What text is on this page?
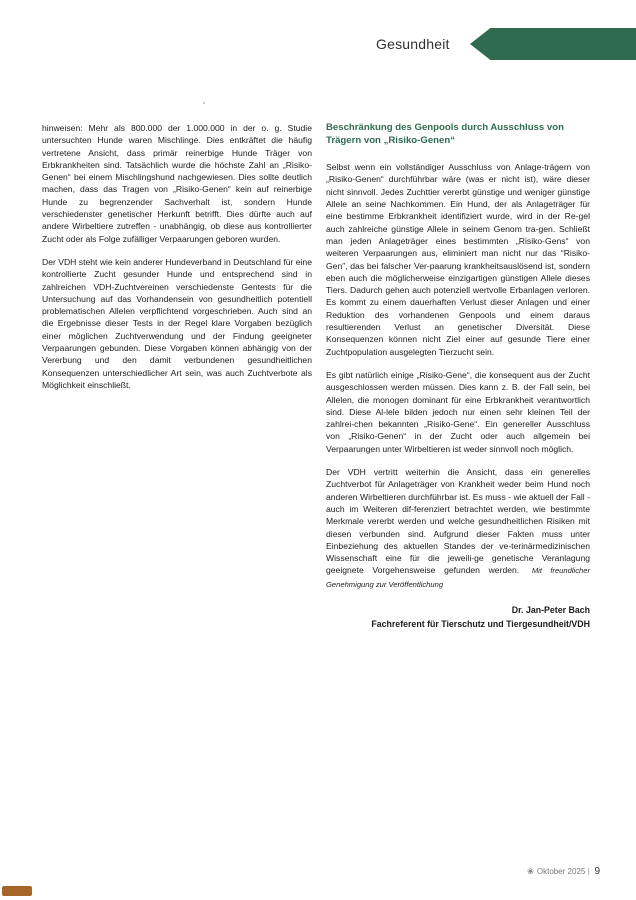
Gesundheit

hinweisen: Mehr als 800.000 der 1.000.000 in der o. g. Studie untersuchten Hunde waren Mischlinge. Dies entkräftet die häufig vertretene Ansicht, dass primär reinerbige Hunde Träger von Erbkrankheiten sind. Tatsächlich wurde die höchste Zahl an „Risiko-Genen“ bei einem Mischlingshund nachgewiesen. Dies sollte deutlich machen, dass das Tragen von „Risiko-Genen“ kein auf reinerbige Hunde zu begrenzender Sachverhalt ist, sondern Hunde verschiedenster genetischer Herkunft betrifft. Dies dürfte auch auf andere Wirbeltiere zutreffen - unabhängig, ob diese aus kontrollierter Zucht oder als Folge zufälliger Verpaarungen geboren wurden.

Der VDH steht wie kein anderer Hundeverband in Deutschland für eine kontrollierte Zucht gesunder Hunde und entsprechend sind in zahlreichen VDH-Zuchtvereinen verschiedenste Gentests für die Untersuchung auf das Vorhandensein von gesundheitlich potentiell problematischen Allelen verpflichtend vorgeschrieben. Auch sind an die Ergebnisse dieser Tests in der Regel klare Vorgaben bezüglich einer möglichen Zuchtverwendung und der Findung geeigneter Verpaarungen gebunden. Diese Vorgaben können abhängig von der Vererbung und den damit verbundenen gesundheitlichen Konsequenzen unterschiedlicher Art sein, was auch Zuchtverbote als Möglichkeit einschließt.

Beschränkung des Genpools durch Ausschluss von Trägern von „Risiko-Genen“

Selbst wenn ein vollständiger Ausschluss von Anlage-trägern von „Risiko-Genen“ durchführbar wäre (was er nicht ist), wäre dieser nicht sinnvoll. Jedes Zuchttier vererbt günstige und weniger günstige Allele an seine Nachkommen. Ein Hund, der als Anlageträger für eine bestimme Erbkrankheit identifiziert wurde, wird in der Re-gel auch zahlreiche günstige Allele in seinem Genom tra-gen. Schließt man jeden Anlageträger eines bestimmten „Risiko-Gens“ von weiteren Verpaarungen aus, eliminiert man nicht nur das “Risiko-Gen”, das bei falscher Ver-paarung krankheitsauslösend ist, sondern eben auch die möglicherweise einzigartigen günstigen Allele dieses Tiers. Dadurch gehen auch potenziell wertvolle Erbanlagen verloren. Es kommt zu einem dauerhaften Verlust dieser Anlagen und einer Reduktion des vorhandenen Genpools und einem daraus resultierenden Verlust an genetischer Diversität. Diese Konsequenzen können nicht Ziel einer auf gesunde Tiere einer Zuchtpopulation ausgelegten Tierzucht sein.

Es gibt natürlich einige „Risiko-Gene“, die konsequent aus der Zucht ausgeschlossen werden müssen. Dies kann z. B. der Fall sein, bei Allelen, die monogen dominant für eine Erbkrankheit verantwortlich sind. Diese Al-lele bilden jedoch nur einen sehr kleinen Teil der zahlrei-chen bekannten „Risiko-Gene“. Ein genereller Ausschluss von „Risiko-Genen“ in der Zucht oder auch allgemein bei Verpaarungen unter Wirbeltieren ist weder sinnvoll noch möglich.

Der VDH vertritt weiterhin die Ansicht, dass ein generelles Zuchtverbot für Anlageträger von Krankheit weder beim Hund noch anderen Wirbeltieren durchführbar ist. Es muss - wie aktuell der Fall - auch im Weiteren dif-ferenziert betrachtet werden, wie bestimmte Merkmale vererbt werden und welche gesundheitlichen Risiken mit diesen verbunden sind. Aufgrund dieser Fakten muss unter Einbeziehung des aktuellen Standes der ve-terinärmedizinischen Wissenschaft eine für die jeweili-ge genetische Veranlagung geeignete Vorgehensweise gefunden werden. Mit freundlicher Genehmigung zur Veröffentlichung

Dr. Jan-Peter Bach
Fachreferent für Tierschutz und Tiergesundheit/VDH
❀ Oktober 2025 | 9
